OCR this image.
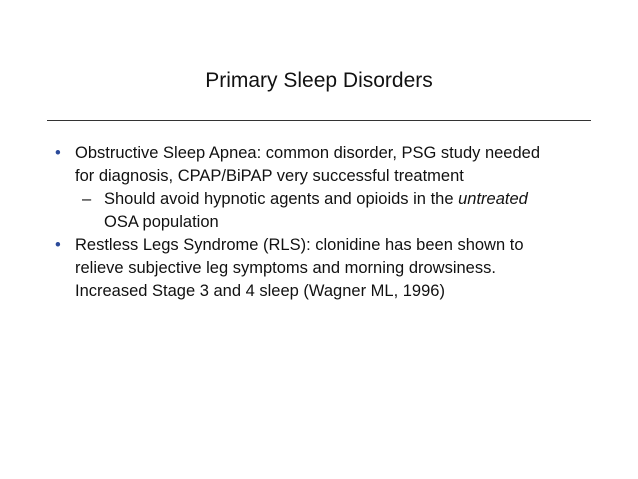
Primary Sleep Disorders
• Obstructive Sleep Apnea: common disorder, PSG study needed
for diagnosis, CPAP/BiPAP very successful treatment
– Should avoid hypnotic agents and opioids in the untreated
OSA population
• Restless Legs Syndrome (RLS): clonidine has been shown to
relieve subjective leg symptoms and morning drowsiness.
Increased Stage 3 and 4 sleep (Wagner ML, 1996)
